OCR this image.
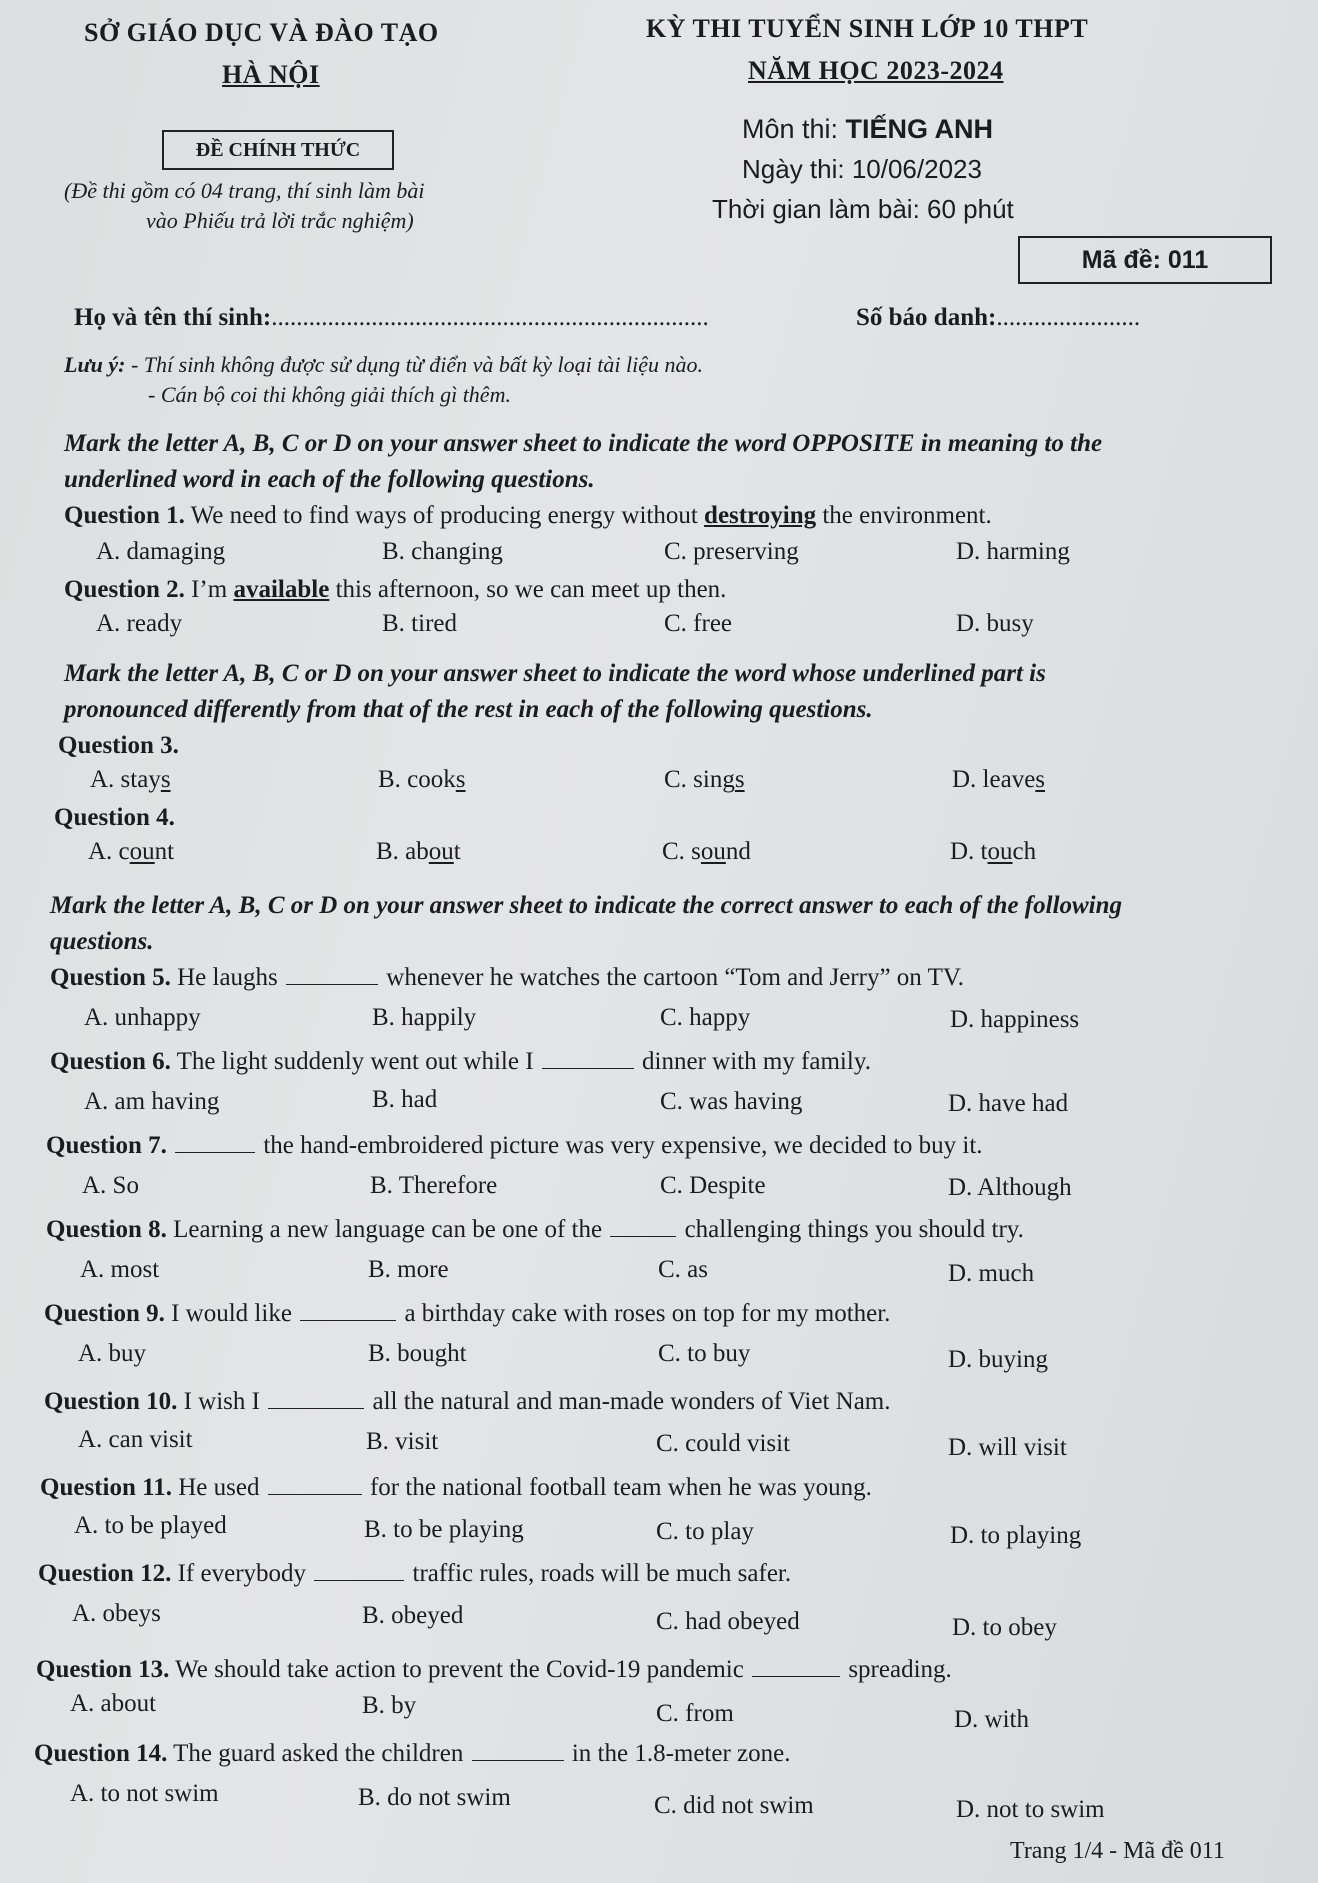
SỞ GIÁO DỤC VÀ ĐÀO TẠO
HÀ NỘI
KỲ THI TUYỂN SINH LỚP 10 THPT
NĂM HỌC 2023-2024
ĐỀ CHÍNH THỨC
(Đề thi gồm có 04 trang, thí sinh làm bài
vào Phiếu trả lời trắc nghiệm)
Môn thi: TIẾNG ANH
Ngày thi: 10/06/2023
Thời gian làm bài: 60 phút
Mã đề: 011
Họ và tên thí sinh:......................................................................	Số báo danh:.......................
Lưu ý: - Thí sinh không được sử dụng từ điển và bất kỳ loại tài liệu nào.
- Cán bộ coi thi không giải thích gì thêm.
Mark the letter A, B, C or D on your answer sheet to indicate the word OPPOSITE in meaning to the
underlined word in each of the following questions.
Question 1. We need to find ways of producing energy without destroying the environment.
A. damaging	B. changing	C. preserving	D. harming
Question 2. I’m available this afternoon, so we can meet up then.
A. ready	B. tired	C. free	D. busy
Mark the letter A, B, C or D on your answer sheet to indicate the word whose underlined part is
pronounced differently from that of the rest in each of the following questions.
Question 3.
A. stays	B. cooks	C. sings	D. leaves
Question 4.
A. count	B. about	C. sound	D. touch
Mark the letter A, B, C or D on your answer sheet to indicate the correct answer to each of the following
questions.
Question 5. He laughs	whenever he watches the cartoon “Tom and Jerry” on TV.
A. unhappy	B. happily	C. happy	D. happiness
Question 6. The light suddenly went out while I	dinner with my family.
A. am having	B. had	C. was having	D. have had
Question 7.	the hand-embroidered picture was very expensive, we decided to buy it.
A. So	B. Therefore	C. Despite	D. Although
Question 8. Learning a new language can be one of the	challenging things you should try.
A. most	B. more	C. as	D. much
Question 9. I would like	a birthday cake with roses on top for my mother.
A. buy	B. bought	C. to buy	D. buying
Question 10. I wish I	all the natural and man-made wonders of Viet Nam.
A. can visit	B. visit	C. could visit	D. will visit
Question 11. He used	for the national football team when he was young.
A. to be played	B. to be playing	C. to play	D. to playing
Question 12. If everybody	traffic rules, roads will be much safer.
A. obeys	B. obeyed	C. had obeyed	D. to obey
Question 13. We should take action to prevent the Covid-19 pandemic	spreading.
A. about	B. by	C. from	D. with
Question 14. The guard asked the children	in the 1.8-meter zone.
A. to not swim	B. do not swim	C. did not swim	D. not to swim
Trang 1/4 - Mã đề 011
